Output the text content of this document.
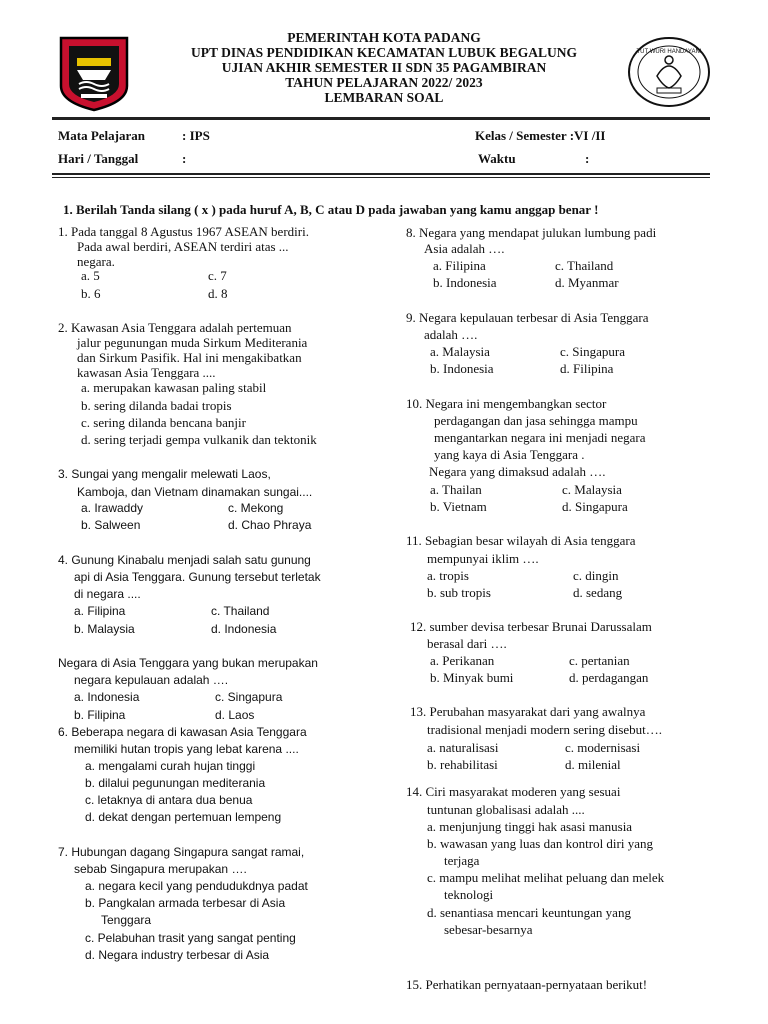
TUT WURI HANDAYANI
PEMERINTAH KOTA PADANG
UPT DINAS PENDIDIKAN KECAMATAN LUBUK BEGALUNG
UJIAN AKHIR SEMESTER II SDN 35 PAGAMBIRAN
TAHUN PELAJARAN 2022/ 2023
LEMBARAN SOAL
Mata Pelajaran	: IPS	Kelas / Semester :VI /II
Hari / Tanggal	:	Waktu	:
1. Berilah Tanda silang ( x ) pada huruf A, B, C atau D pada jawaban yang kamu anggap benar !
1. Pada tanggal 8 Agustus 1967 ASEAN berdiri.
Pada awal berdiri, ASEAN terdiri atas ...
negara.
a. 5	c. 7
b. 6	d. 8
2. Kawasan Asia Tenggara adalah pertemuan
jalur pegunungan muda Sirkum Mediterania
dan Sirkum Pasifik. Hal ini mengakibatkan
kawasan Asia Tenggara ....
a. merupakan kawasan paling stabil
b. sering dilanda badai tropis
c. sering dilanda bencana banjir
d. sering terjadi gempa vulkanik dan tektonik
3. Sungai yang mengalir melewati Laos,
Kamboja, dan Vietnam dinamakan sungai....
a. Irawaddy	c. Mekong
b. Salween	d. Chao Phraya
4. Gunung Kinabalu menjadi salah satu gunung
api di Asia Tenggara. Gunung tersebut terletak
di negara ....
a. Filipina	c. Thailand
b. Malaysia	d. Indonesia
Negara di Asia Tenggara yang bukan merupakan
negara kepulauan adalah ….
a. Indonesia	c. Singapura
b. Filipina	d. Laos
6. Beberapa negara di kawasan Asia Tenggara
memiliki hutan tropis yang lebat karena ....
a. mengalami curah hujan tinggi
b. dilalui pegunungan mediterania
c. letaknya di antara dua benua
d. dekat dengan pertemuan lempeng
7. Hubungan dagang Singapura sangat ramai,
sebab Singapura merupakan ….
a. negara kecil yang pendudukdnya padat
b. Pangkalan armada terbesar di Asia
Tenggara
c. Pelabuhan trasit yang sangat penting
d. Negara industry terbesar di Asia
8. Negara yang mendapat julukan lumbung padi
Asia adalah ….
a. Filipina	c. Thailand
b. Indonesia	d. Myanmar
9. Negara kepulauan terbesar di Asia Tenggara
adalah ….
a. Malaysia	c. Singapura
b. Indonesia	d. Filipina
10. Negara ini mengembangkan sector
perdagangan dan jasa sehingga mampu
mengantarkan negara ini menjadi negara
yang kaya di Asia Tenggara .
Negara yang dimaksud adalah ….
a. Thailan	c. Malaysia
b. Vietnam	d. Singapura
11. Sebagian besar wilayah di Asia tenggara
mempunyai iklim ….
a. tropis	c. dingin
b. sub tropis	d. sedang
12. sumber devisa terbesar Brunai Darussalam
berasal dari ….
a. Perikanan	c. pertanian
b. Minyak bumi	d. perdagangan
13. Perubahan masyarakat dari yang awalnya
tradisional menjadi modern sering disebut….
a. naturalisasi	c. modernisasi
b. rehabilitasi	d. milenial
14. Ciri masyarakat moderen yang sesuai
tuntunan globalisasi adalah ....
a. menjunjung tinggi hak asasi manusia
b. wawasan yang luas dan kontrol diri yang
terjaga
c. mampu melihat melihat peluang dan melek
teknologi
d. senantiasa mencari keuntungan yang
sebesar-besarnya
15. Perhatikan pernyataan-pernyataan berikut!
